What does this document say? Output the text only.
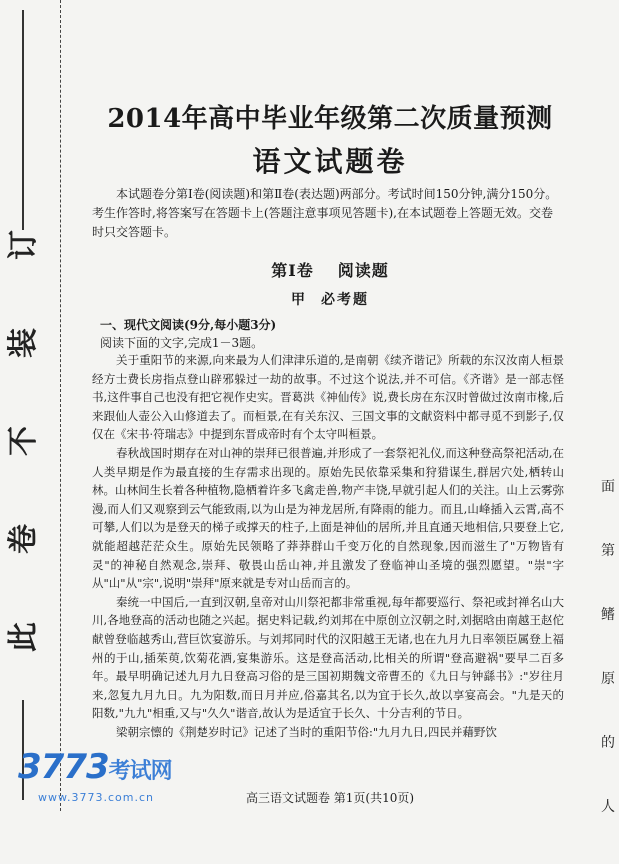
订
装
不
卷
此
面
第
鳍
原
的
人
2014年高中毕业年级第二次质量预测
语文试题卷
本试题卷分第Ⅰ卷(阅读题)和第Ⅱ卷(表达题)两部分。考试时间150分钟,满分150分。考生作答时,将答案写在答题卡上(答题注意事项见答题卡),在本试题卷上答题无效。交卷时只交答题卡。
第Ⅰ卷 阅读题
甲 必考题
一、现代文阅读(9分,每小题3分)
阅读下面的文字,完成1－3题。

关于重阳节的来源,向来最为人们津津乐道的,是南朝《续齐谐记》所载的东汉汝南人桓景经方士费长房指点登山辟邪躲过一劫的故事。不过这个说法,并不可信。《齐谐》是一部志怪书,这件事自己也没有把它视作史实。晋葛洪《神仙传》说,费长房在东汉时曾做过汝南市椽,后来跟仙人壶公入山修道去了。而桓景,在有关东汉、三国文事的文献资料中都寻觅不到影子,仅仅在《宋书·符瑞志》中提到东晋成帝时有个太守叫桓景。

春秋战国时期存在对山神的崇拜已很普遍,并形成了一套祭祀礼仪,而这种登高祭祀活动,在人类早期是作为最直接的生存需求出现的。原始先民依靠采集和狩猎谋生,群居穴处,栖转山林。山林间生长着各种植物,隐栖着许多飞禽走兽,物产丰饶,早就引起人们的关注。山上云雾弥漫,而人们又观察到云气能致雨,以为山是为神龙居所,有降雨的能力。而且,山峰插入云霄,高不可攀,人们以为是登天的梯子或撑天的柱子,上面是神仙的居所,并且直通天地相信,只要登上它,就能超越茫茫众生。原始先民领略了莽莽群山千变万化的自然现象,因而滋生了"万物皆有灵"的神秘自然观念,崇拜、敬畏山岳山神,并且激发了登临神山圣境的强烈愿望。"崇"字从"山"从"宗",说明"崇拜"原来就是专对山岳而言的。

秦统一中国后,一直到汉朝,皇帝对山川祭祀都非常重视,每年都要巡行、祭祀或封禅名山大川,各地登高的活动也随之兴起。据史料记载,约刘邦在中原创立汉朝之时,刘据晗由南越王赵佗献曾登临越秀山,营巨饮宴游乐。与刘邦同时代的汉阳越王无诸,也在九月九日率领臣属登上福州的于山,插茱萸,饮菊花酒,宴集游乐。这是登高活动,比相关的所谓"登高避祸"要早二百多年。最早明确记述九月九日登高习俗的是三国初期魏文帝曹丕的《九日与钟繇书》:"岁往月来,忽复九月九日。九为阳数,而日月并应,俗嘉其名,以为宜于长久,故以享宴高会。"九是天的阳数,"九九"相重,又与"久久"谐音,故认为是适宜于长久、十分吉利的节日。

梁朝宗懔的《荆楚岁时记》记述了当时的重阳节俗:"九月九日,四民并藉野饮

3773考试网
www.3773.com.cn	高三语文试题卷 第1页(共10页)
